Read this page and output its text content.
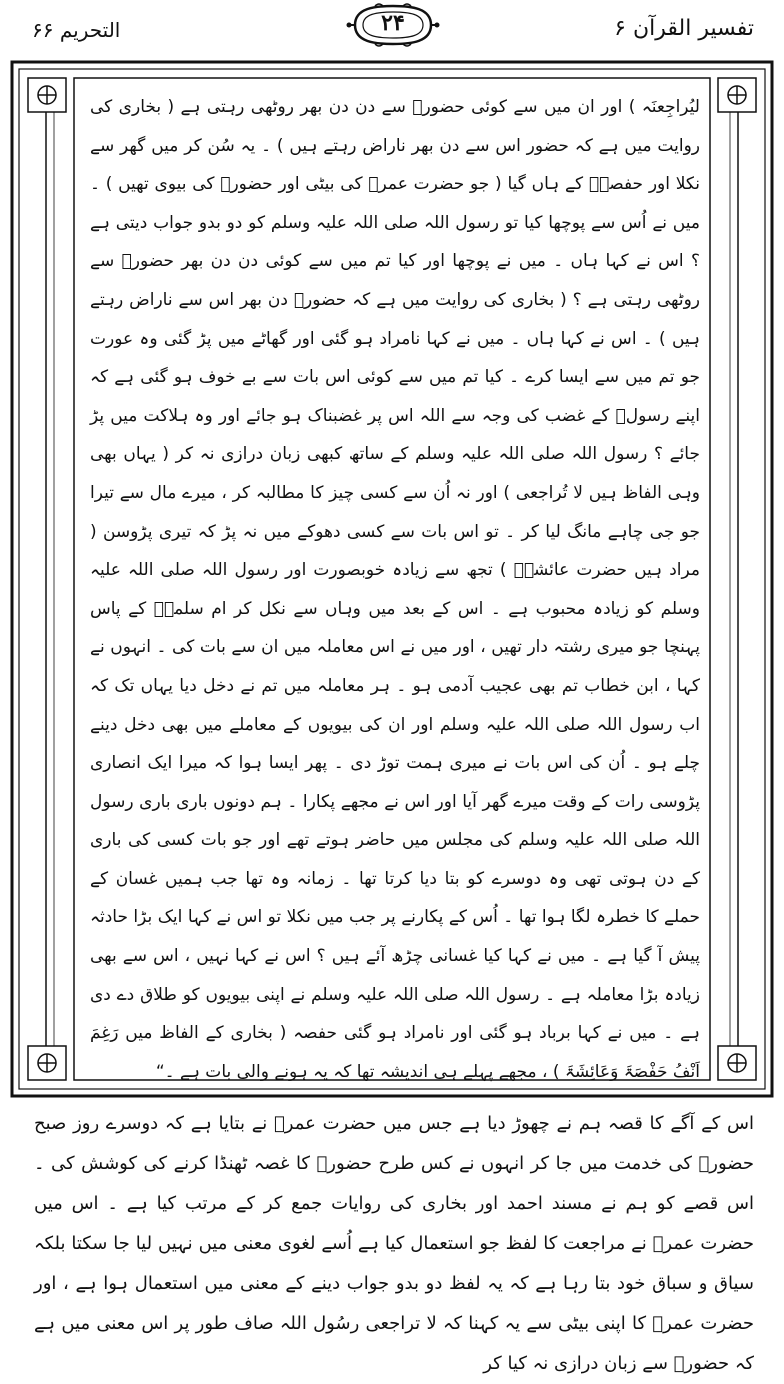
تفسیر القرآن ۶
۲۴
التحریم ۶۶

لیُراجِعنَہ ) اور ان میں سے کوئی حضورؐ سے دن دن بھر روٹھی رہتی ہے ( بخاری کی روایت میں ہے کہ حضور اس سے دن بھر ناراض رہتے ہیں ) ۔ یہ سُن کر میں گھر سے نکلا اور حفصہؓ کے ہاں گیا ( جو حضرت عمرؓ کی بیٹی اور حضورؐ کی بیوی تھیں ) ۔ میں نے اُس سے پوچھا کیا تو رسول اللہ صلی اللہ علیہ وسلم کو دو بدو جواب دیتی ہے ؟ اس نے کہا ہاں ۔ میں نے پوچھا اور کیا تم میں سے کوئی دن دن بھر حضورؐ سے روٹھی رہتی ہے ؟ ( بخاری کی روایت میں ہے کہ حضورؐ دن بھر اس سے ناراض رہتے ہیں ) ۔ اس نے کہا ہاں ۔ میں نے کہا نامراد ہو گئی اور گھاٹے میں پڑ گئی وہ عورت جو تم میں سے ایسا کرے ۔ کیا تم میں سے کوئی اس بات سے بے خوف ہو گئی ہے کہ اپنے رسولؐ کے غضب کی وجہ سے اللہ اس پر غضبناک ہو جائے اور وہ ہلاکت میں پڑ جائے ؟ رسول اللہ صلی اللہ علیہ وسلم کے ساتھ کبھی زبان درازی نہ کر ( یہاں بھی وہی الفاظ ہیں لا تُراجعی ) اور نہ اُن سے کسی چیز کا مطالبہ کر ، میرے مال سے تیرا جو جی چاہے مانگ لیا کر ۔ تو اس بات سے کسی دھوکے میں نہ پڑ کہ تیری پڑوسن ( مراد ہیں حضرت عائشہؓ ) تجھ سے زیادہ خوبصورت اور رسول اللہ صلی اللہ علیہ وسلم کو زیادہ محبوب ہے ۔ اس کے بعد میں وہاں سے نکل کر ام سلمہؓ کے پاس پہنچا جو میری رشتہ دار تھیں ، اور میں نے اس معاملہ میں ان سے بات کی ۔ انہوں نے کہا ، ابن خطاب تم بھی عجیب آدمی ہو ۔ ہر معاملہ میں تم نے دخل دیا یہاں تک کہ اب رسول اللہ صلی اللہ علیہ وسلم اور ان کی بیویوں کے معاملے میں بھی دخل دینے چلے ہو ۔ اُن کی اس بات نے میری ہمت توڑ دی ۔ پھر ایسا ہوا کہ میرا ایک انصاری پڑوسی رات کے وقت میرے گھر آیا اور اس نے مجھے پکارا ۔ ہم دونوں باری باری رسول اللہ صلی اللہ علیہ وسلم کی مجلس میں حاضر ہوتے تھے اور جو بات کسی کی باری کے دن ہوتی تھی وہ دوسرے کو بتا دیا کرتا تھا ۔ زمانہ وہ تھا جب ہمیں غسان کے حملے کا خطرہ لگا ہوا تھا ۔ اُس کے پکارنے پر جب میں نکلا تو اس نے کہا ایک بڑا حادثہ پیش آ گیا ہے ۔ میں نے کہا کیا غسانی چڑھ آئے ہیں ؟ اس نے کہا نہیں ، اس سے بھی زیادہ بڑا معاملہ ہے ۔ رسول اللہ صلی اللہ علیہ وسلم نے اپنی بیویوں کو طلاق دے دی ہے ۔ میں نے کہا برباد ہو گئی اور نامراد ہو گئی حفصہ ( بخاری کے الفاظ میں رَغِمَ اَنْفُ حَفْصَۃَ وَعَائِشَۃَ ) ، مجھے پہلے ہی اندیشہ تھا کہ یہ ہونے والی بات ہے ۔“

اس کے آگے کا قصہ ہم نے چھوڑ دیا ہے جس میں حضرت عمرؓ نے بتایا ہے کہ دوسرے روز صبح حضورؐ کی خدمت میں جا کر انہوں نے کس طرح حضورؐ کا غصہ ٹھنڈا کرنے کی کوشش کی ۔ اس قصے کو ہم نے مسند احمد اور بخاری کی روایات جمع کر کے مرتب کیا ہے ۔ اس میں حضرت عمرؓ نے مراجعت کا لفظ جو استعمال کیا ہے اُسے لغوی معنی میں نہیں لیا جا سکتا بلکہ سیاق و سباق خود بتا رہا ہے کہ یہ لفظ دو بدو جواب دینے کے معنی میں استعمال ہوا ہے ، اور حضرت عمرؓ کا اپنی بیٹی سے یہ کہنا کہ لا تراجعی رسُول اللہ صاف طور پر اس معنی میں ہے کہ حضورؐ سے زبان درازی نہ کیا کر
